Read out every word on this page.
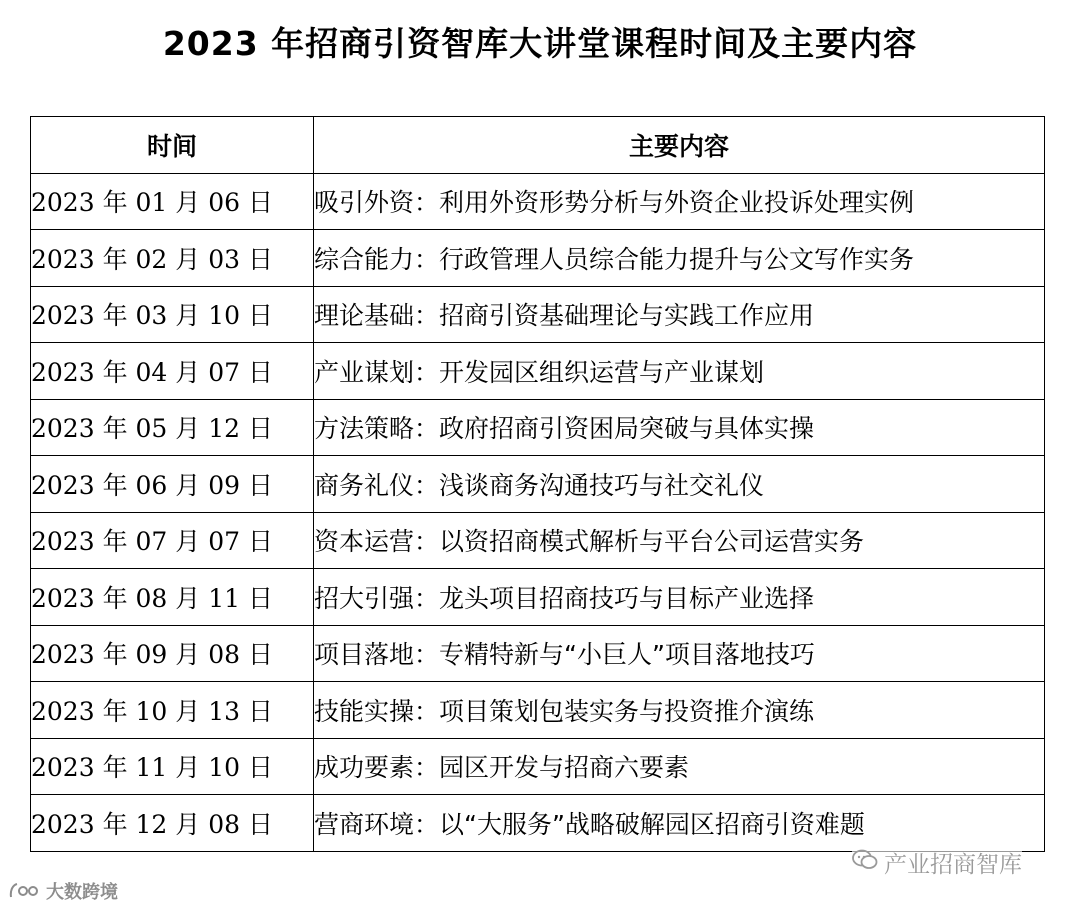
2023 年招商引资智库大讲堂课程时间及主要内容
时间	主要内容
2023 年 01 月 06 日	吸引外资：利用外资形势分析与外资企业投诉处理实例
2023 年 02 月 03 日	综合能力：行政管理人员综合能力提升与公文写作实务
2023 年 03 月 10 日	理论基础：招商引资基础理论与实践工作应用
2023 年 04 月 07 日	产业谋划：开发园区组织运营与产业谋划
2023 年 05 月 12 日	方法策略：政府招商引资困局突破与具体实操
2023 年 06 月 09 日	商务礼仪：浅谈商务沟通技巧与社交礼仪
2023 年 07 月 07 日	资本运营：以资招商模式解析与平台公司运营实务
2023 年 08 月 11 日	招大引强：龙头项目招商技巧与目标产业选择
2023 年 09 月 08 日	项目落地：专精特新与“小巨人”项目落地技巧
2023 年 10 月 13 日	技能实操：项目策划包装实务与投资推介演练
2023 年 11 月 10 日	成功要素：园区开发与招商六要素
2023 年 12 月 08 日	营商环境：以“大服务”战略破解园区招商引资难题
大数跨境
产业招商智库
